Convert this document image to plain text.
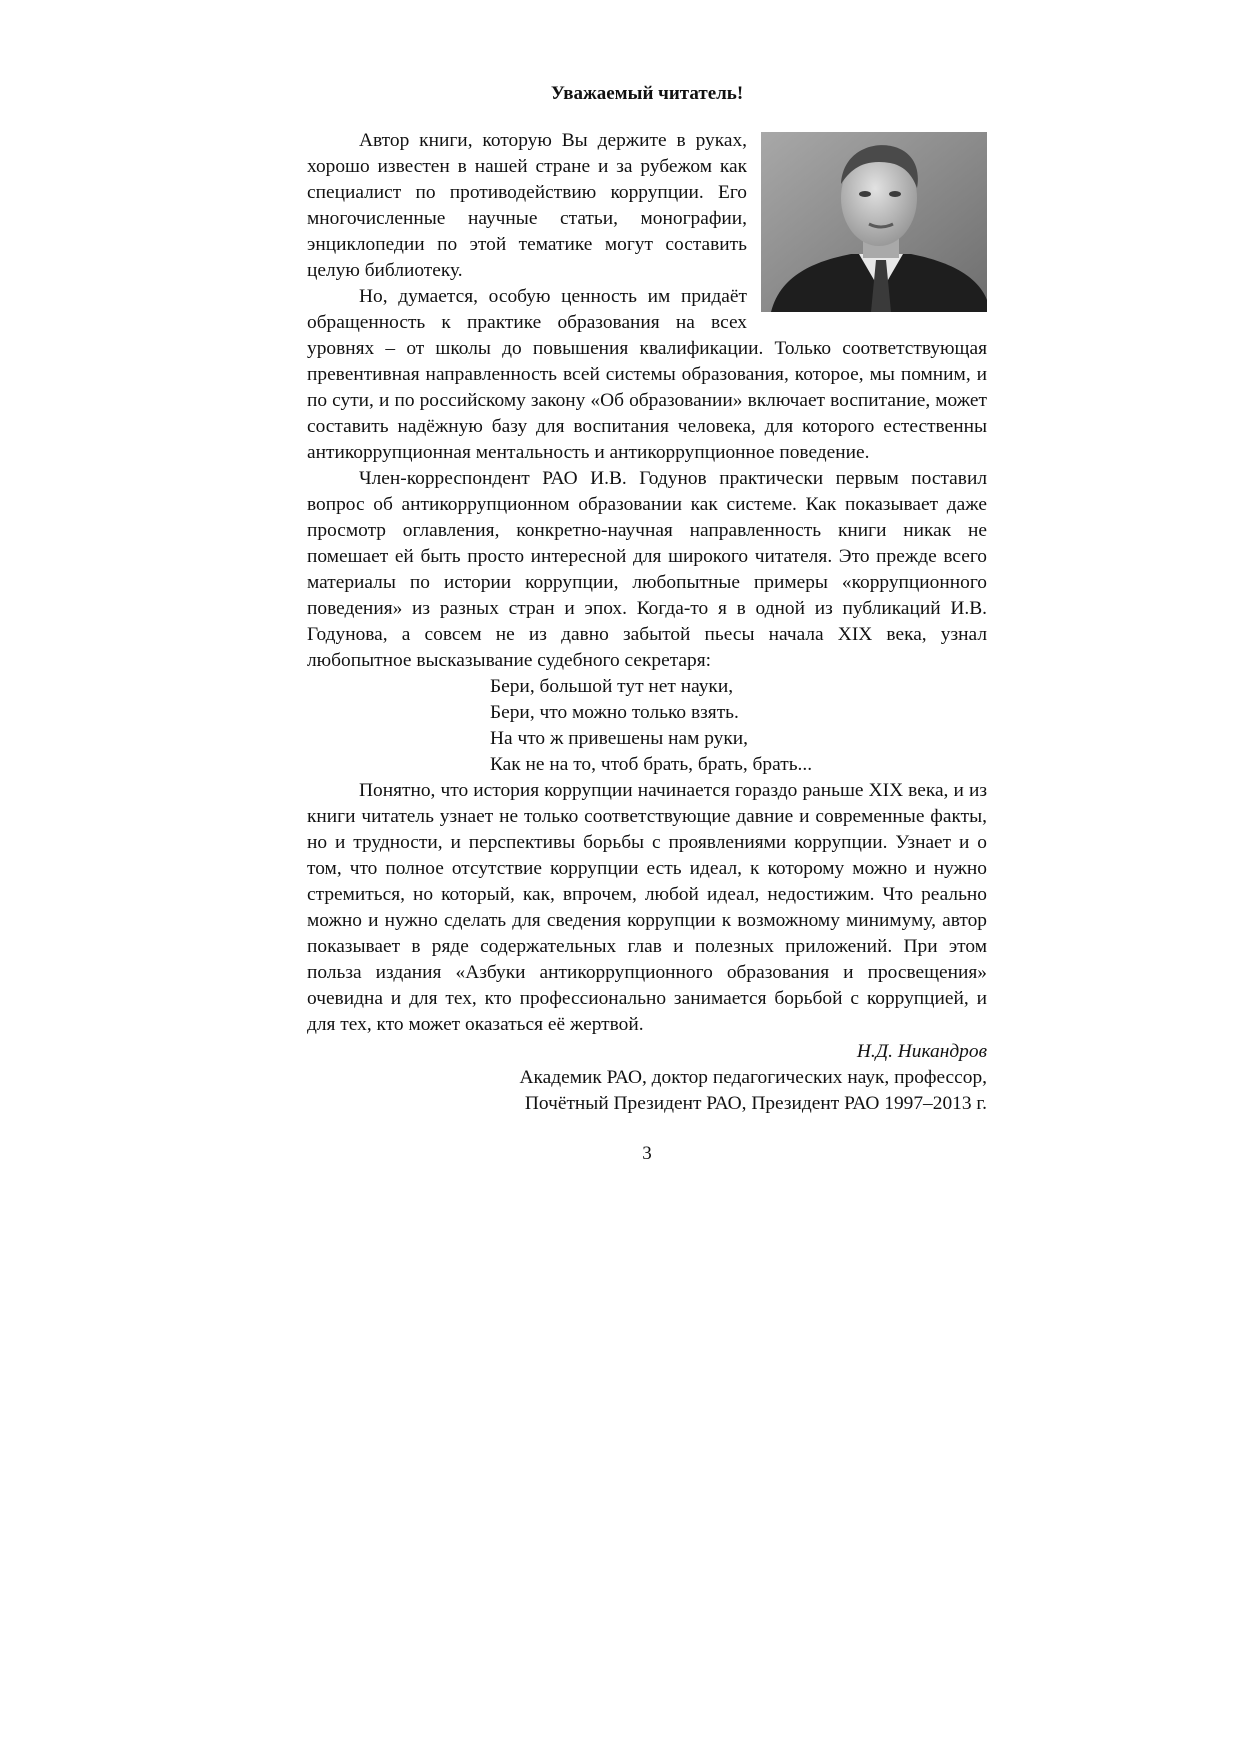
Уважаемый читатель!

Автор книги, которую Вы держите в руках, хорошо известен в нашей стране и за рубежом как специалист по противодействию коррупции. Его многочисленные научные статьи, монографии, энциклопедии по этой тематике могут составить целую библиотеку.

Но, думается, особую ценность им придаёт обращенность к практике образования на всех уровнях – от школы до повышения квалификации. Только соответствующая превентивная направленность всей системы образования, которое, мы помним, и по сути, и по российскому закону «Об образовании» включает воспитание, может составить надёжную базу для воспитания человека, для которого естественны антикоррупционная ментальность и антикоррупционное поведение.

Член-корреспондент РАО И.В. Годунов практически первым поставил вопрос об антикоррупционном образовании как системе. Как показывает даже просмотр оглавления, конкретно-научная направленность книги никак не помешает ей быть просто интересной для широкого читателя. Это прежде всего материалы по истории коррупции, любопытные примеры «коррупционного поведения» из разных стран и эпох. Когда-то я в одной из публикаций И.В. Годунова, а совсем не из давно забытой пьесы начала XIX века, узнал любопытное высказывание судебного секретаря:

Бери, большой тут нет науки,
Бери, что можно только взять.
На что ж привешены нам руки,
Как не на то, чтоб брать, брать, брать...

Понятно, что история коррупции начинается гораздо раньше XIX века, и из книги читатель узнает не только соответствующие давние и современные факты, но и трудности, и перспективы борьбы с проявлениями коррупции. Узнает и о том, что полное отсутствие коррупции есть идеал, к которому можно и нужно стремиться, но который, как, впрочем, любой идеал, недостижим. Что реально можно и нужно сделать для сведения коррупции к возможному минимуму, автор показывает в ряде содержательных глав и полезных приложений. При этом польза издания «Азбуки антикоррупционного образования и просвещения» очевидна и для тех, кто профессионально занимается борьбой с коррупцией, и для тех, кто может оказаться её жертвой.

Н.Д. Никандров
Академик РАО, доктор педагогических наук, профессор,
Почётный Президент РАО, Президент РАО 1997–2013 г.
3
